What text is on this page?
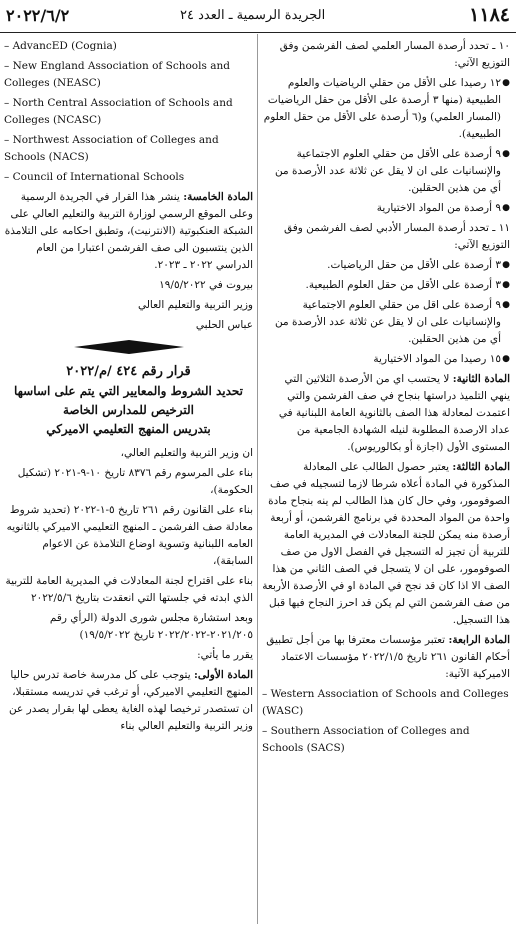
٢٠٢٢/٦/٢	الجريدة الرسمية ـ العدد ٢٤	١١٨٤

١٠ ـ تحدد أرصدة المسار العلمي لصف الفرشمن وفق التوزيع الآتي:

●
١٢ رصيدا على الأقل من حقلي الرياضيات والعلوم الطبيعية (منها ٣ أرصدة على الأقل من حقل الرياضيات (المسار العلمي) و(٦ أرصدة على الأقل من حقل العلوم الطبيعية).
●
٩ أرصدة على الأقل من حقلي العلوم الاجتماعية والإنسانيات على ان لا يقل عن ثلاثة عدد الأرصدة من أي من هذين الحقلين.
●
٩ أرصدة من المواد الاختيارية

١١ ـ تحدد أرصدة المسار الأدبي لصف الفرشمن وفق التوزيع الآتي:

●
٣ أرصدة على الأقل من حقل الرياضيات.
●
٣ أرصدة على الأقل من حقل العلوم الطبيعية.
●
٩ أرصدة على اقل من حقلي العلوم الاجتماعية والإنسانيات على ان لا يقل عن ثلاثة عدد الأرصدة من أي من هذين الحقلين.
●
١٥ رصيدا من المواد الاختيارية

المادة الثانية: لا يحتسب اي من الأرصدة الثلاثين التي ينهي التلميذ دراستها بنجاح في صف الفرشمن والتي اعتمدت لمعادلة هذا الصف بالثانوية العامة اللبنانية في عداد الارصدة المطلوبة لنيله الشهادة الجامعية من المستوى الأول (اجازة أو بكالوريوس).

المادة الثالثة: يعتبر حصول الطالب على المعادلة المذكورة في المادة أعلاه شرطا لازما لتسجيله في صف الصوفومور، وفي حال كان هذا الطالب لم ينه بنجاح مادة واحدة من المواد المحددة في برنامج الفرشمن، أو أربعة أرصدة منه يمكن للجنة المعادلات في المديرية العامة للتربية أن تجيز له التسجيل في الفصل الاول من صف الصوفومور، على ان لا يتسجل في الصف الثاني من هذا الصف الا اذا كان قد نجح في المادة او في الأرصدة الأربعة من صف الفرشمن التي لم يكن قد احرز النجاح فيها قبل هذا التسجيل.

المادة الرابعة: تعتبر مؤسسات معترفا بها من أجل تطبيق أحكام القانون ٢٦١ تاريخ ٢٠٢٢/١/٥ مؤسسات الاعتماد الاميركية الآتية:

– Western Association of Schools and Colleges (WASC)

– Southern Association of Colleges and Schools (SACS)

– AdvancED (Cognia)

– New England Association of Schools and Colleges (NEASC)

– North Central Association of Schools and Colleges (NCASC)

– Northwest Association of Colleges and Schools (NACS)

– Council of International Schools

المادة الخامسة: ينشر هذا القرار في الجريدة الرسمية وعلى الموقع الرسمي لوزارة التربية والتعليم العالي على الشبكة العنكبوتية (الانترنيت)، وتطبق احكامه على التلامذة الذين ينتسبون الى صف الفرشمن اعتبارا من العام الدراسي ٢٠٢٢ ـ ٢٠٢٣.

بيروت في ١٩/٥/٢٠٢٢

وزير التربية والتعليم العالي

عباس الحلبي

قرار رقم ٤٢٤ /م/٢٠٢٢

تحديد الشروط والمعايير التي يتم على اساسها

الترخيص للمدارس الخاصة

بتدريس المنهج التعليمي الاميركي

ان وزير التربية والتعليم العالي،

بناء على المرسوم رقم ٨٣٧٦ تاريخ ١٠-٩-٢٠٢١ (تشكيل الحكومة)،

بناء على القانون رقم ٢٦١ تاريخ ٥-١-٢٠٢٢ (تحديد شروط معادلة صف الفرشمن ـ المنهج التعليمي الاميركي بالثانويه العامه اللبنانية وتسوية اوضاع التلامذة عن الاعوام السابقة)،

بناء على اقتراح لجنة المعادلات في المديرية العامة للتربية الذي ابدته في جلستها التي انعقدت بتاريخ ٢٠٢٢/٥/٦

وبعد استشارة مجلس شورى الدولة (الرأي رقم ٢٠٢١/٢٠٥-٢٠٢٢/٢٠٢٢ تاريخ ١٩/٥/٢٠٢٢)

يقرر ما يأتي:

المادة الأولى: يتوجب على كل مدرسة خاصة تدرس حاليا المنهج التعليمي الاميركي، أو ترغب في تدريسه مستقبلا، ان تستصدر ترخيصا لهذه الغاية يعطى لها بقرار يصدر عن وزير التربية والتعليم العالي بناء
